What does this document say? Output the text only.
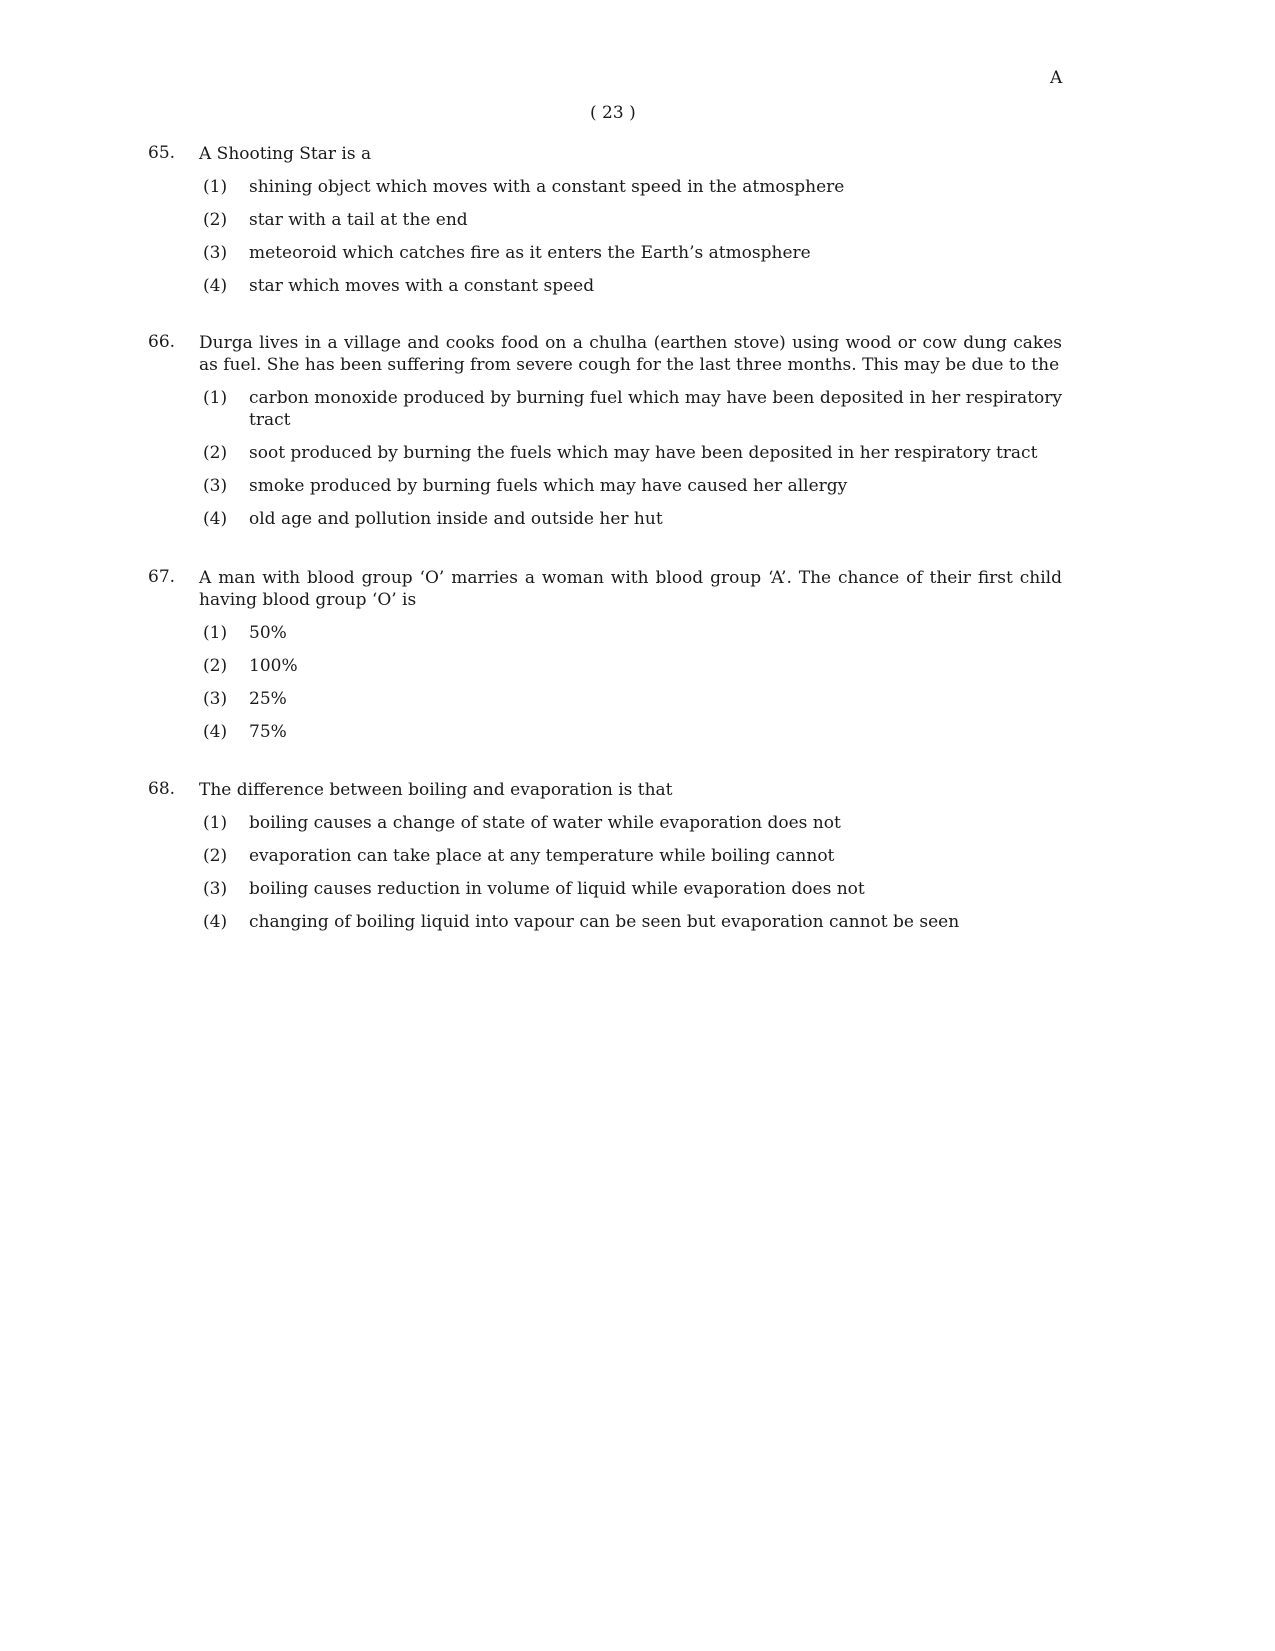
A
( 23 )
65. A Shooting Star is a
(1) shining object which moves with a constant speed in the atmosphere
(2) star with a tail at the end
(3) meteoroid which catches fire as it enters the Earth’s atmosphere
(4) star which moves with a constant speed
66. Durga lives in a village and cooks food on a chulha (earthen stove) using wood or cow dung cakes as fuel. She has been suffering from severe cough for the last three months. This may be due to the
(1) carbon monoxide produced by burning fuel which may have been deposited in her respiratory tract
(2) soot produced by burning the fuels which may have been deposited in her respiratory tract
(3) smoke produced by burning fuels which may have caused her allergy
(4) old age and pollution inside and outside her hut
67. A man with blood group ‘O’ marries a woman with blood group ‘A’. The chance of their first child having blood group ‘O’ is
(1) 50%
(2) 100%
(3) 25%
(4) 75%
68. The difference between boiling and evaporation is that
(1) boiling causes a change of state of water while evaporation does not
(2) evaporation can take place at any temperature while boiling cannot
(3) boiling causes reduction in volume of liquid while evaporation does not
(4) changing of boiling liquid into vapour can be seen but evaporation cannot be seen
